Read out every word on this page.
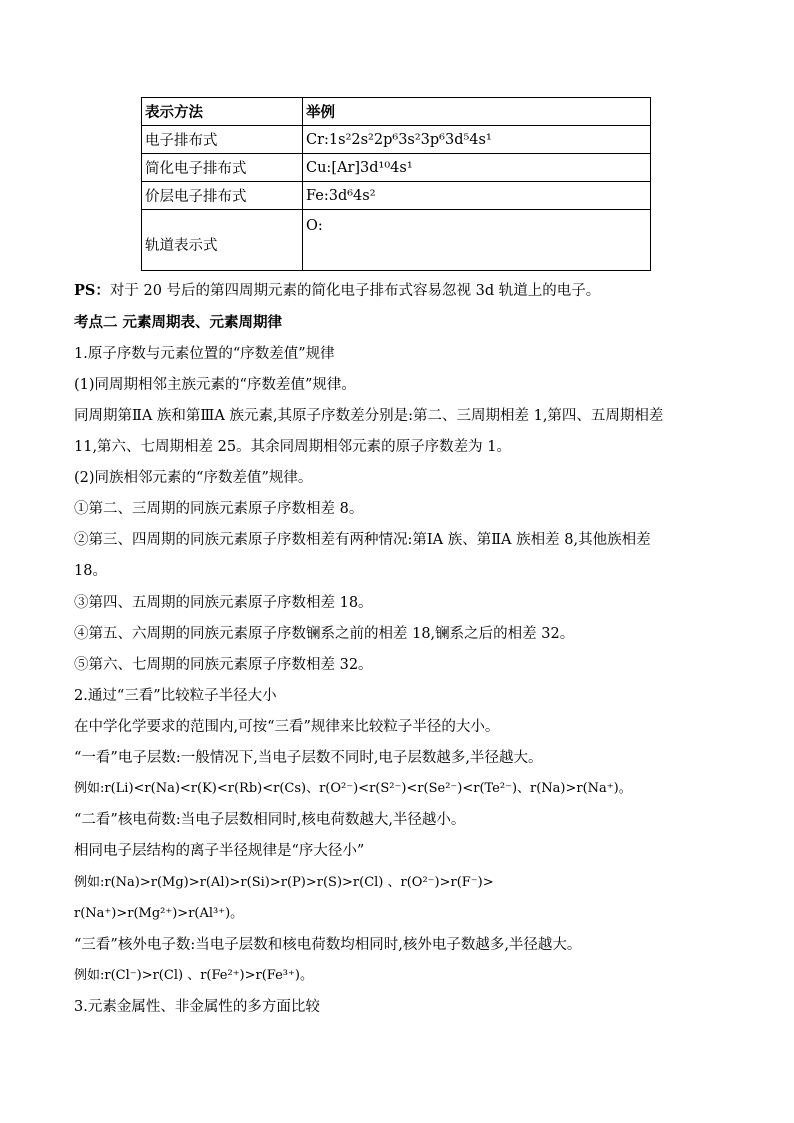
表示方法	举例
电子排布式	Cr:1s²2s²2p⁶3s²3p⁶3d⁵4s¹
简化电子排布式	Cu:[Ar]3d¹⁰4s¹
价层电子排布式	Fe:3d⁶4s²
轨道表示式	O:
PS：对于 20 号后的第四周期元素的简化电子排布式容易忽视 3d 轨道上的电子。
考点二 元素周期表、元素周期律
1.原子序数与元素位置的“序数差值”规律
(1)同周期相邻主族元素的“序数差值”规律。
同周期第ⅡA 族和第ⅢA 族元素,其原子序数差分别是:第二、三周期相差 1,第四、五周期相差
11,第六、七周期相差 25。其余同周期相邻元素的原子序数差为 1。
(2)同族相邻元素的“序数差值”规律。
①第二、三周期的同族元素原子序数相差 8。
②第三、四周期的同族元素原子序数相差有两种情况:第ⅠA 族、第ⅡA 族相差 8,其他族相差
18。
③第四、五周期的同族元素原子序数相差 18。
④第五、六周期的同族元素原子序数镧系之前的相差 18,镧系之后的相差 32。
⑤第六、七周期的同族元素原子序数相差 32。
2.通过“三看”比较粒子半径大小
在中学化学要求的范围内,可按“三看”规律来比较粒子半径的大小。
“一看”电子层数:一般情况下,当电子层数不同时,电子层数越多,半径越大。
例如:r(Li)<r(Na)<r(K)<r(Rb)<r(Cs)、r(O²⁻)<r(S²⁻)<r(Se²⁻)<r(Te²⁻)、r(Na)>r(Na⁺)。
“二看”核电荷数:当电子层数相同时,核电荷数越大,半径越小。
相同电子层结构的离子半径规律是“序大径小”
例如:r(Na)>r(Mg)>r(Al)>r(Si)>r(P)>r(S)>r(Cl) 、r(O²⁻)>r(F⁻)>
r(Na⁺)>r(Mg²⁺)>r(Al³⁺)。
“三看”核外电子数:当电子层数和核电荷数均相同时,核外电子数越多,半径越大。
例如:r(Cl⁻)>r(Cl) 、r(Fe²⁺)>r(Fe³⁺)。
3.元素金属性、非金属性的多方面比较
